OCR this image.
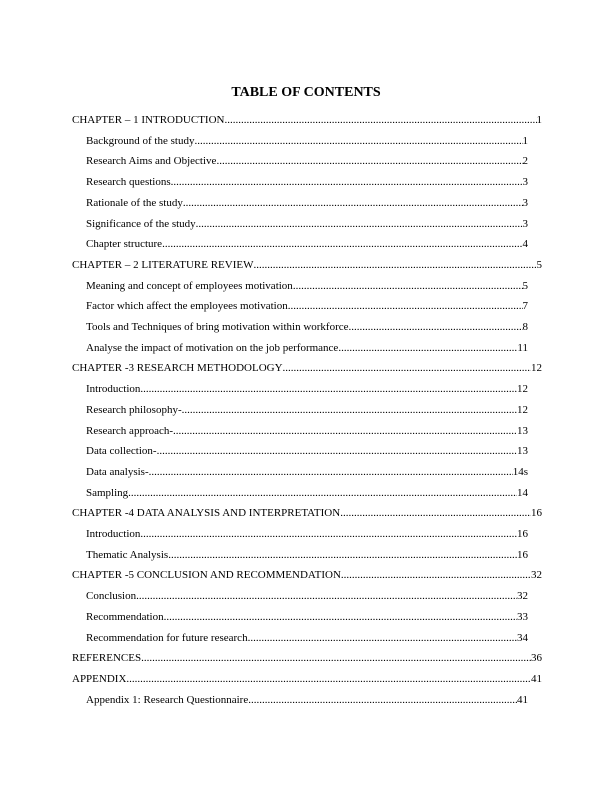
TABLE OF CONTENTS
CHAPTER – 1 INTRODUCTION .....	1
Background of the study .....	1
Research Aims and Objective .....	2
Research questions .....	3
Rationale of the study .....	3
Significance of the study .....	3
Chapter structure .....	4
CHAPTER – 2 LITERATURE REVIEW .....	5
Meaning and concept of employees motivation .....	5
Factor which affect the employees motivation .....	7
Tools and Techniques of bring motivation within workforce .....	8
Analyse the impact of motivation on the job performance .....	11
CHAPTER -3 RESEARCH METHODOLOGY .....	12
Introduction .....	12
Research philosophy- .....	12
Research approach- .....	13
Data collection- .....	13
Data analysis- .....	14s
Sampling .....	14
CHAPTER -4 DATA ANALYSIS AND INTERPRETATION .....	16
Introduction .....	16
Thematic Analysis .....	16
CHAPTER -5 CONCLUSION AND RECOMMENDATION .....	32
Conclusion .....	32
Recommendation .....	33
Recommendation for future research .....	34
REFERENCES .....	36
APPENDIX .....	41
Appendix 1: Research Questionnaire .....	41
